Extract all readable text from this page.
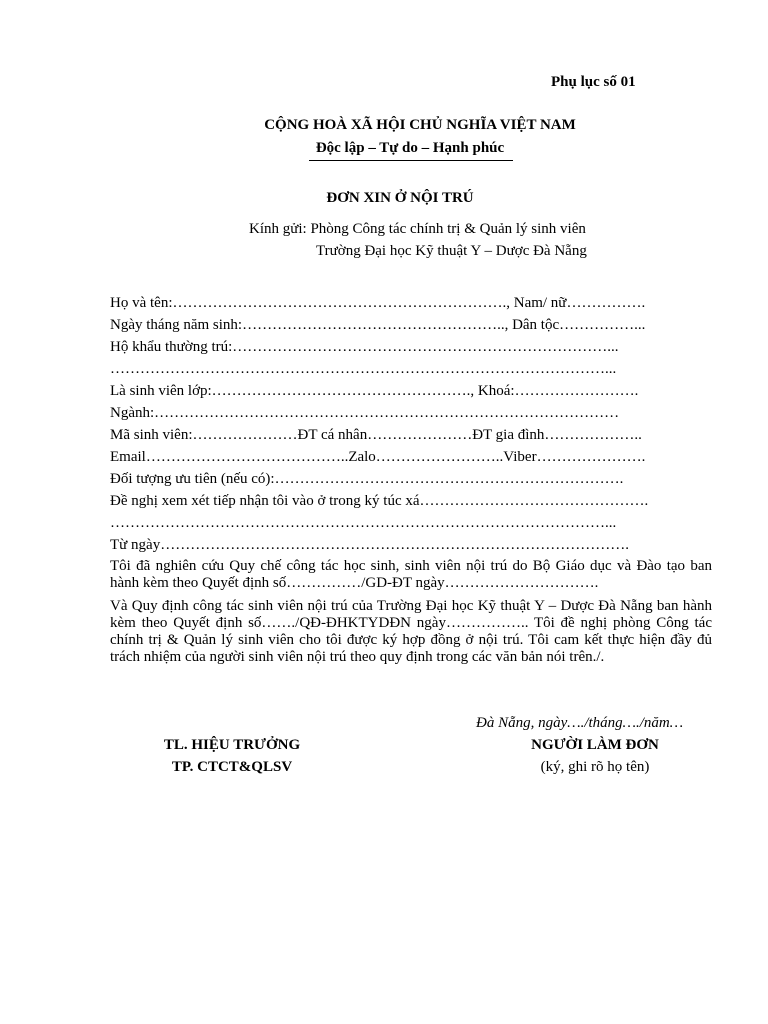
Phụ lục số 01
CỘNG HOÀ XÃ HỘI CHỦ NGHĨA VIỆT NAM
Độc lập – Tự do – Hạnh phúc
ĐƠN XIN Ở NỘI TRÚ
Kính gửi: Phòng Công tác chính trị & Quản lý sinh viên
Trường Đại học Kỹ thuật Y – Dược Đà Nẵng
Họ và tên:…………………………………………………………., Nam/ nữ…………….
Ngày tháng năm sinh:…………………………………………….., Dân tộc……………...
Hộ khẩu thường trú:…………………………………………………………………...
………………………………………………………………………………………...
Là sinh viên lớp:……………………………………………., Khoá:…………………….
Ngành:…………………………………………………………………………………
Mã sinh viên:…………………ĐT cá nhân…………………ĐT gia đình………………..
Email…………………………………..Zalo……………………..Viber………………….
Đối tượng ưu tiên (nếu có):…………………………………………………………….
Đề nghị xem xét tiếp nhận tôi vào ở trong ký túc xá……………………………………….
………………………………………………………………………………………...
Từ ngày………………………………………………………………………………….
Tôi đã nghiên cứu Quy chế công tác học sinh, sinh viên nội trú do Bộ Giáo dục và Đào tạo ban hành kèm theo Quyết định số……………/GD-ĐT ngày………………………….
Và Quy định công tác sinh viên nội trú của Trường Đại học Kỹ thuật Y – Dược Đà Nẵng ban hành kèm theo Quyết định số……./QĐ-ĐHKTYDĐN ngày…………….. Tôi đề nghị phòng Công tác chính trị & Quản lý sinh viên cho tôi được ký hợp đồng ở nội trú. Tôi cam kết thực hiện đầy đủ trách nhiệm của người sinh viên nội trú theo quy định trong các văn bản nói trên./.
Đà Nẵng, ngày…./tháng…./năm…
TL. HIỆU TRƯỞNG
TP. CTCT&QLSV
NGƯỜI LÀM ĐƠN
(ký, ghi rõ họ tên)
